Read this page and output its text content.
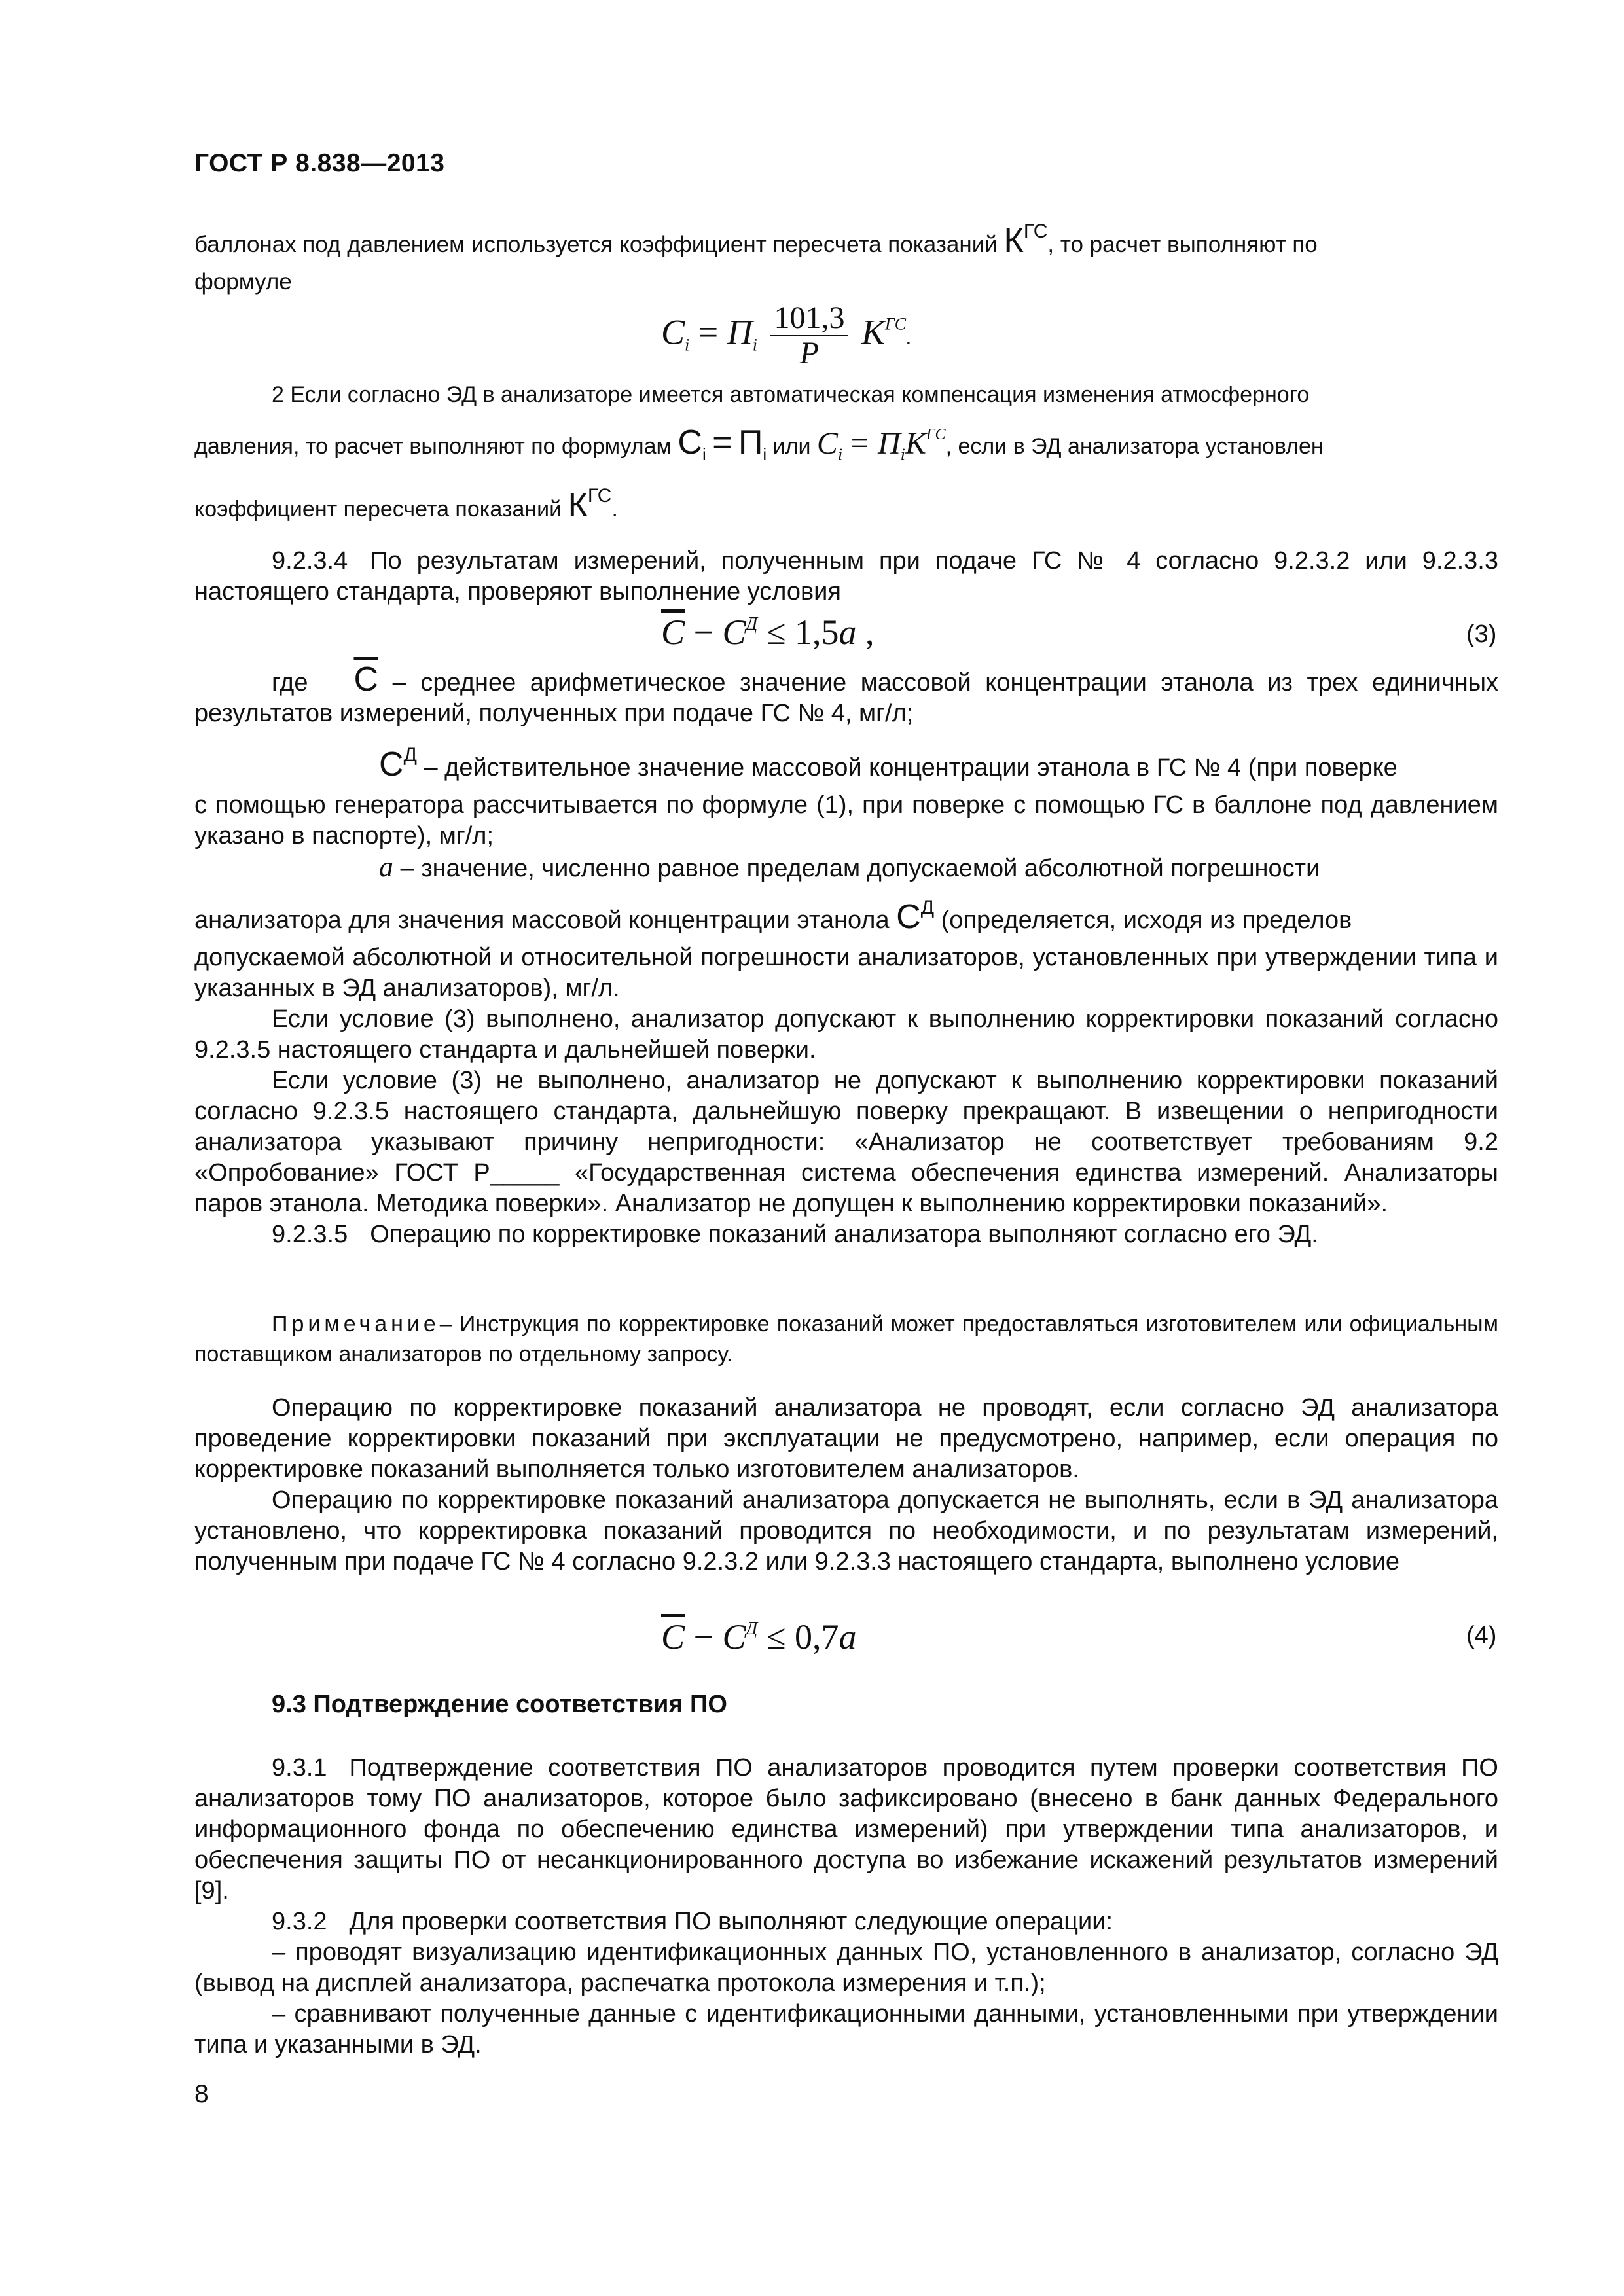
ГОСТ Р 8.838—2013

баллонах под давлением используется коэффициент пересчета показаний КГС, то расчет выполняют по

формуле

$C_i = П_i \frac{101,3}{P} K^{ГС}$.

2 Если согласно ЭД в анализаторе имеется автоматическая компенсация изменения атмосферного

давления, то расчет выполняют по формулам $C_i = П_i$ или $C_i = П_iK^{ГС}$, если в ЭД анализатора установлен

коэффициент пересчета показаний КГС.

9.2.3.4 По результатам измерений, полученным при подаче ГС № 4 согласно 9.2.3.2 или 9.2.3.3 настоящего стандарта, проверяют выполнение условия

$\overline{C} - C^Д \le 1,5a$ ,	(3)

где $\overline{C}$ – среднее арифметическое значение массовой концентрации этанола из трех единичных результатов измерений, полученных при подаче ГС № 4, мг/л;

$C^Д$ – действительное значение массовой концентрации этанола в ГС № 4 (при поверке

с помощью генератора рассчитывается по формуле (1), при поверке с помощью ГС в баллоне под давлением указано в паспорте), мг/л;

a – значение, численно равное пределам допускаемой абсолютной погрешности

анализатора для значения массовой концентрации этанола $C^Д$ (определяется, исходя из пределов

допускаемой абсолютной и относительной погрешности анализаторов, установленных при утверждении типа и указанных в ЭД анализаторов), мг/л.

Если условие (3) выполнено, анализатор допускают к выполнению корректировки показаний согласно 9.2.3.5 настоящего стандарта и дальнейшей поверки.

Если условие (3) не выполнено, анализатор не допускают к выполнению корректировки показаний согласно 9.2.3.5 настоящего стандарта, дальнейшую поверку прекращают. В извещении о непригодности анализатора указывают причину непригодности: «Анализатор не соответствует требованиям 9.2 «Опробование» ГОСТ Р_____ «Государственная система обеспечения единства измерений. Анализаторы паров этанола. Методика поверки». Анализатор не допущен к выполнению корректировки показаний».

9.2.3.5 Операцию по корректировке показаний анализатора выполняют согласно его ЭД.

Примечание– Инструкция по корректировке показаний может предоставляться изготовителем или официальным поставщиком анализаторов по отдельному запросу.

Операцию по корректировке показаний анализатора не проводят, если согласно ЭД анализатора проведение корректировки показаний при эксплуатации не предусмотрено, например, если операция по корректировке показаний выполняется только изготовителем анализаторов.

Операцию по корректировке показаний анализатора допускается не выполнять, если в ЭД анализатора установлено, что корректировка показаний проводится по необходимости, и по результатам измерений, полученным при подаче ГС № 4 согласно 9.2.3.2 или 9.2.3.3 настоящего стандарта, выполнено условие

$\overline{C} - C^Д \le 0,7a$	(4)
9.3 Подтверждение соответствия ПО

9.3.1 Подтверждение соответствия ПО анализаторов проводится путем проверки соответствия ПО анализаторов тому ПО анализаторов, которое было зафиксировано (внесено в банк данных Федерального информационного фонда по обеспечению единства измерений) при утверждении типа анализаторов, и обеспечения защиты ПО от несанкционированного доступа во избежание искажений результатов измерений [9].

9.3.2 Для проверки соответствия ПО выполняют следующие операции:

– проводят визуализацию идентификационных данных ПО, установленного в анализатор, согласно ЭД (вывод на дисплей анализатора, распечатка протокола измерения и т.п.);

– сравнивают полученные данные с идентификационными данными, установленными при утверждении типа и указанными в ЭД.

8
